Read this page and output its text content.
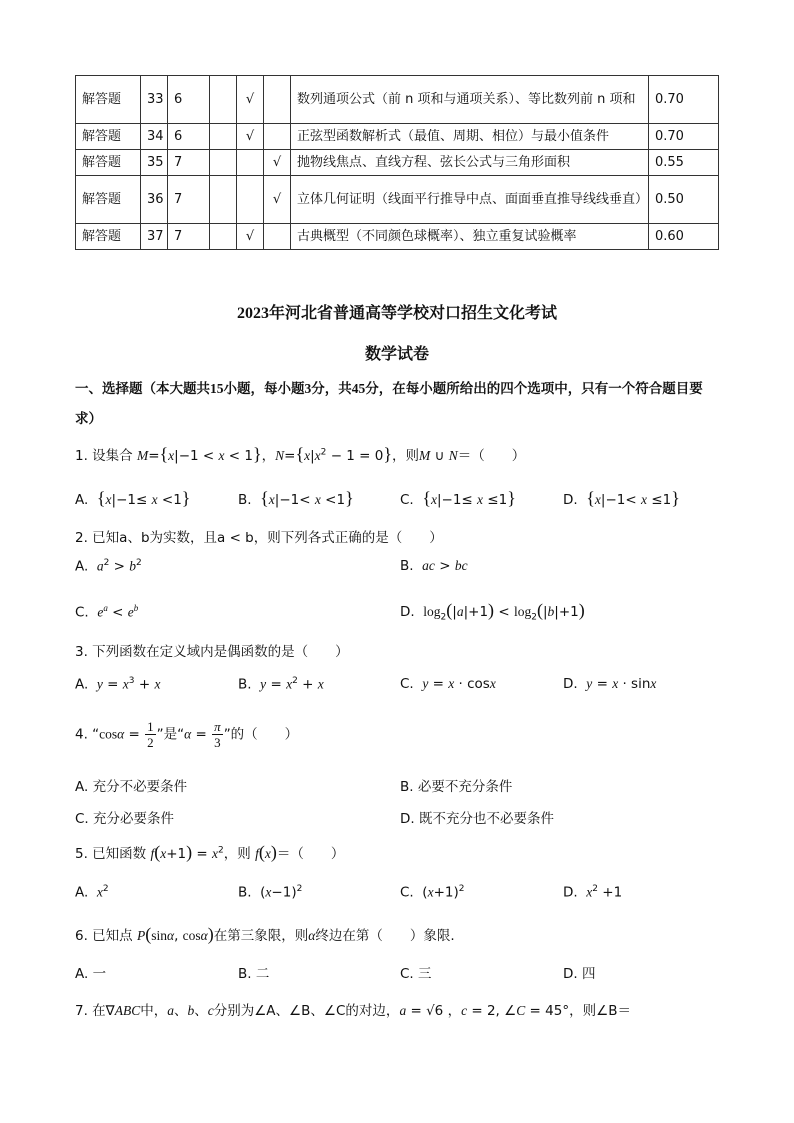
解答题	33	6		√		数列通项公式（前 n 项和与通项关系）、等比数列前 n 项和	0.70
解答题	34	6		√		正弦型函数解析式（最值、周期、相位）与最小值条件	0.70
解答题	35	7			√	抛物线焦点、直线方程、弦长公式与三角形面积	0.55
解答题	36	7			√	立体几何证明（线面平行推导中点、面面垂直推导线线垂直）	0.50
解答题	37	7		√		古典概型（不同颜色球概率）、独立重复试验概率	0.60
2023年河北省普通高等学校对口招生文化考试
数学试卷
一、选择题（本大题共15小题，每小题3分，共45分，在每小题所给出的四个选项中，只有一个符合题目要求）
1. 设集合 M={x|−1 < x < 1}，$N=\{x|x^2 - 1 = 0\}$，则M ∪ N＝（　　）
A. {x|−1≤ x <1}	B. {x|−1< x <1}	C. {x|−1≤ x ≤1}	D. {x|−1< x ≤1}
2. 已知a、b为实数，且a < b，则下列各式正确的是（　　）
A. $a^2 > b^2$	B. ac > bc
C. $e^a < e^b$	D. $\log_2(|a|+1) < \log_2(|b|+1)$
3. 下列函数在定义域内是偶函数的是（　　）
A. $y = x^3 + x$	B. $y = x^2 + x$	C. y = x · cosx	D. y = x · sinx
4. “$\cos\alpha = \frac{1}{2}$ ”是“$\alpha = \frac{\pi}{3}$ ”的（　　）
A. 充分不必要条件	B. 必要不充分条件
C. 充分必要条件	D. 既不充分也不必要条件
5. 已知函数 $f(x+1) = x^2$，则 f(x)＝（　　）
A. $x^2$	B.  $(x-1)^2$	C.  $(x+1)^2$	D. $x^2 +1$
6. 已知点 P(sinα, cosα)在第三象限，则α终边在第（　　）象限.
A. 一	B. 二	C. 三	D. 四
7. 在∇ABC中，a、b、c分别为∠A、∠B、∠C的对边，a = √6 ，c = 2, ∠C = 45°，则∠B＝
